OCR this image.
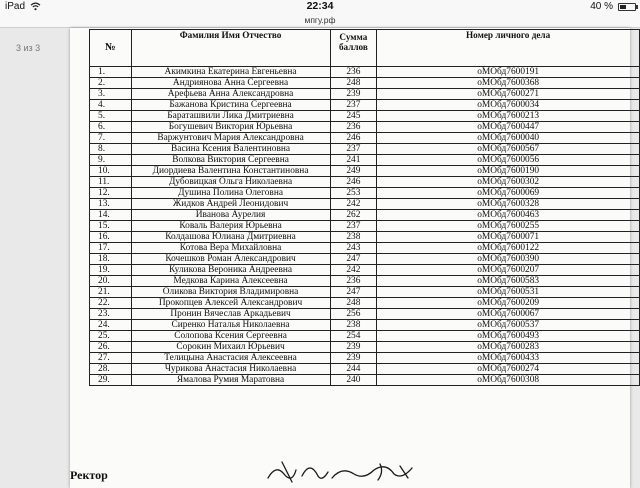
iPad	22:34	40 %
мпгу.рф
3 из 3	№	Фамилия Имя Отчество	Сумма
баллов	Номер личного дела
1.	Акимкина Екатерина Евгеньевна	236	оМОбд7600191
2.	Андриянова Анна Сергеевна	248	оМОбд7600368
3.	Арефьева Анна Александровна	239	оМОбд7600271
4.	Бажанова Кристина Сергеевна	237	оМОбд7600034
5.	Бараташвили Лика Дмитриевна	245	оМОбд7600213
6.	Богушевич Виктория Юрьевна	236	оМОбд7600447
7.	Варжунтович Мария Александровна	246	оМОбд7600040
8.	Васина Ксения Валентиновна	237	оМОбд7600567
9.	Волкова Виктория Сергеевна	241	оМОбд7600056
10.	Диордиева Валентина Константиновна	249	оМОбд7600190
11.	Дубовицкая Ольга Николаевна	246	оМОбд7600302
12.	Душина Полина Олеговна	253	оМОбд7600069
13.	Жидков Андрей Леонидович	242	оМОбд7600328
14.	Иванова Аурелия	262	оМОбд7600463
15.	Коваль Валерия Юрьевна	237	оМОбд7600255
16.	Колдашова Юлиана Дмитриевна	238	оМОбд7600071
17.	Котова Вера Михайловна	243	оМОбд7600122
18.	Кочешков Роман Александрович	247	оМОбд7600390
19.	Куликова Вероника Андреевна	242	оМОбд7600207
20.	Медкова Карина Алексеевна	236	оМОбд7600583
21.	Оликова Виктория Владимировна	247	оМОбд7600531
22.	Прокопцев Алексей Александрович	248	оМОбд7600209
23.	Пронин Вячеслав Аркадьевич	256	оМОбд7600067
24.	Сиренко Наталья Николаевна	238	оМОбд7600537
25.	Солопова Ксения Сергеевна	254	оМОбд7600493
26.	Сорокин Михаил Юрьевич	239	оМОбд7600283
27.	Телицына Анастасия Алексеевна	239	оМОбд7600433
28.	Чурикова Анастасия Николаевна	244	оМОбд7600274
29.	Ямалова Румия Маратовна	240	оМОбд7600308
Ректор
